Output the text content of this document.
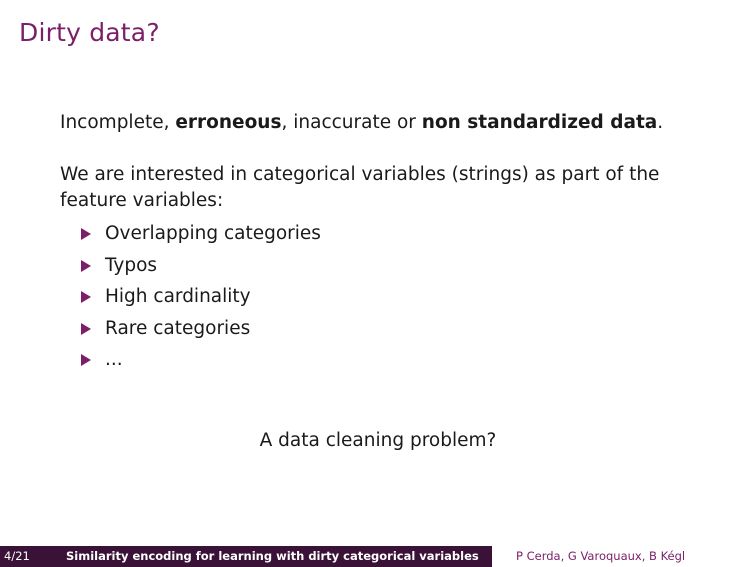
Dirty data?

Incomplete, erroneous, inaccurate or non standardized data.

We are interested in categorical variables (strings) as part of the feature variables:

Overlapping categories
Typos
High cardinality
Rare categories
...
A data cleaning problem?
4/21	Similarity encoding for learning with dirty categorical variables	P Cerda, G Varoquaux, B Kégl
